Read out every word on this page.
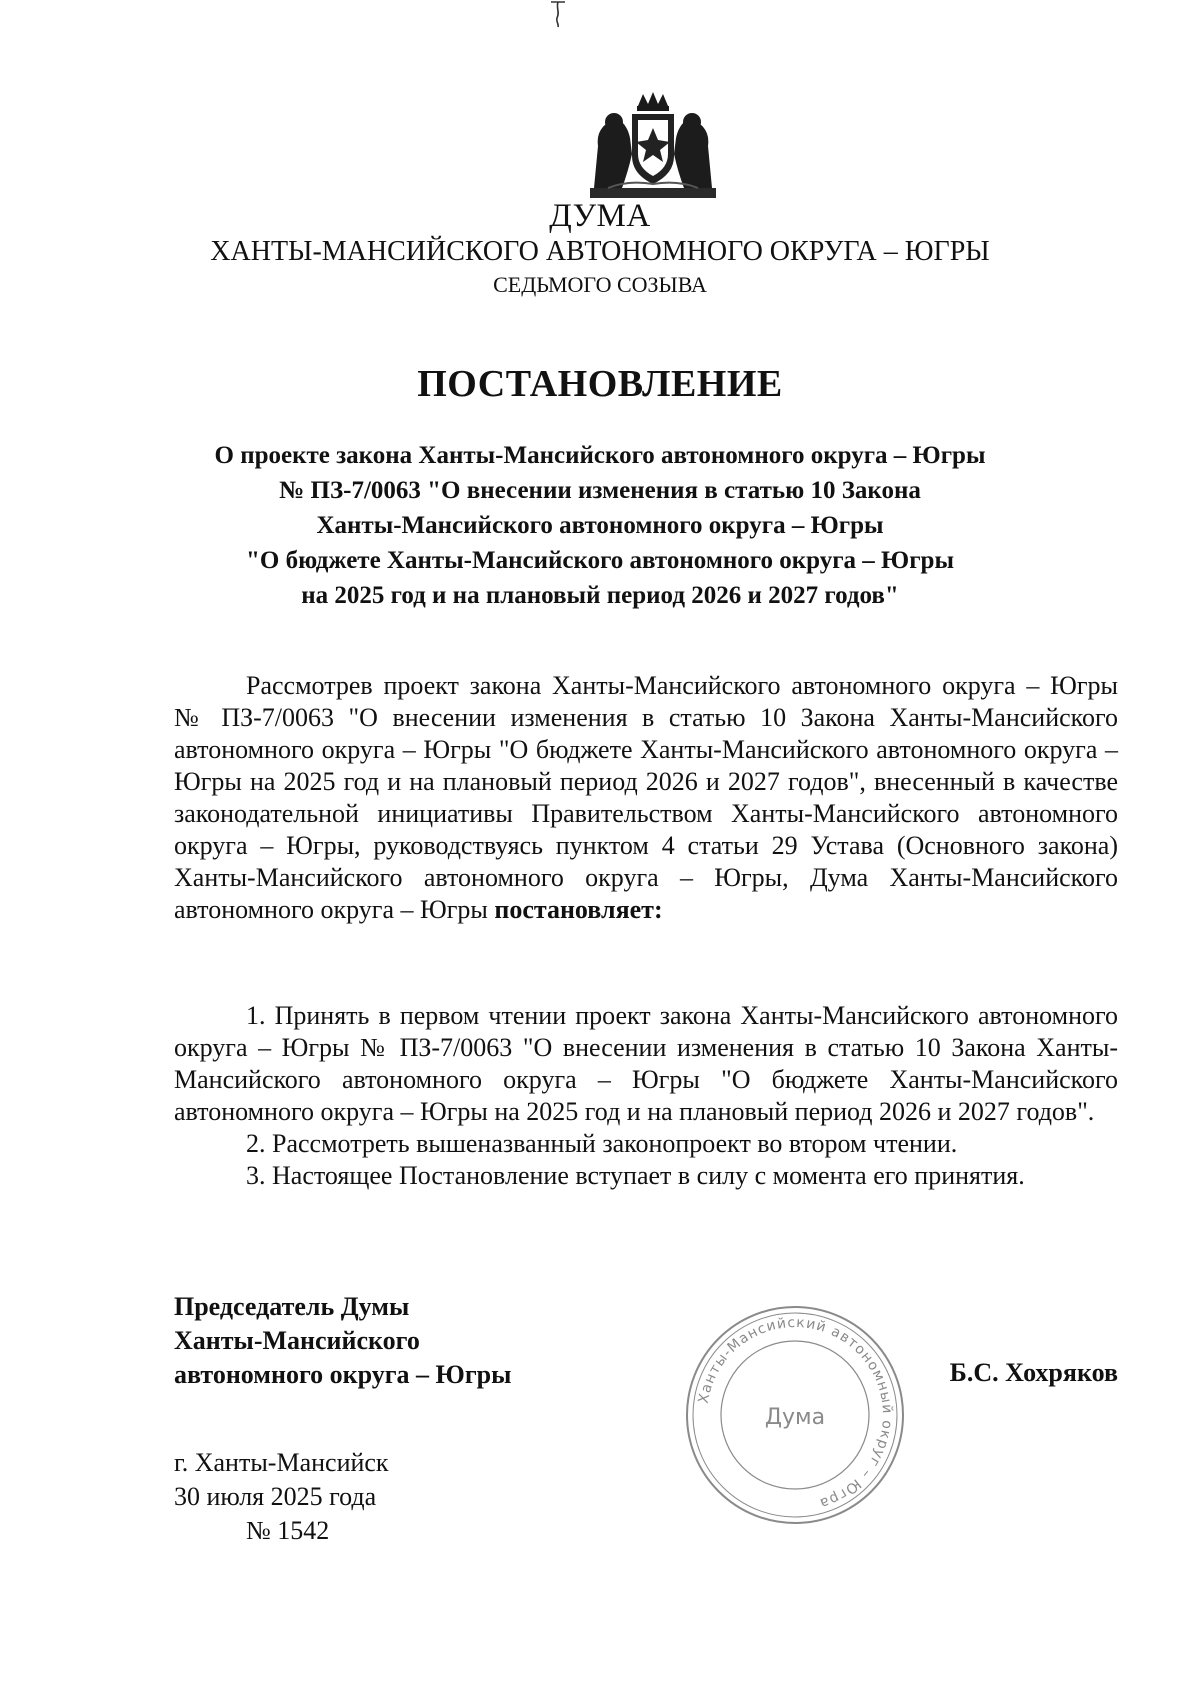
ДУМА
ХАНТЫ-МАНСИЙСКОГО АВТОНОМНОГО ОКРУГА – ЮГРЫ
СЕДЬМОГО СОЗЫВА
ПОСТАНОВЛЕНИЕ
О проекте закона Ханты-Мансийского автономного округа – Югры
№ ПЗ-7/0063 "О внесении изменения в статью 10 Закона
Ханты-Мансийского автономного округа – Югры
"О бюджете Ханты-Мансийского автономного округа – Югры
на 2025 год и на плановый период 2026 и 2027 годов"

Рассмотрев проект закона Ханты-Мансийского автономного округа – Югры № ПЗ-7/0063 "О внесении изменения в статью 10 Закона Ханты-Мансийского автономного округа – Югры "О бюджете Ханты-Мансийского автономного округа – Югры на 2025 год и на плановый период 2026 и 2027 годов", внесенный в качестве законодательной инициативы Правительством Ханты-Мансийского автономного округа – Югры, руководствуясь пунктом 4 статьи 29 Устава (Основного закона) Ханты-Мансийского автономного округа – Югры, Дума Ханты-Мансийского автономного округа – Югры постановляет:

1. Принять в первом чтении проект закона Ханты-Мансийского автономного округа – Югры № ПЗ-7/0063 "О внесении изменения в статью 10 Закона Ханты-Мансийского автономного округа – Югры "О бюджете Ханты-Мансийского автономного округа – Югры на 2025 год и на плановый период 2026 и 2027 годов".

2. Рассмотреть вышеназванный законопроект во втором чтении.

3. Настоящее Постановление вступает в силу с момента его принятия.

Председатель Думы
Ханты-Мансийского
автономного округа – Югры
Ханты-Мансийский автономный округ – Югра
Дума
Б.С. Хохряков
г. Ханты-Мансийск
30 июля 2025 года
№ 1542
